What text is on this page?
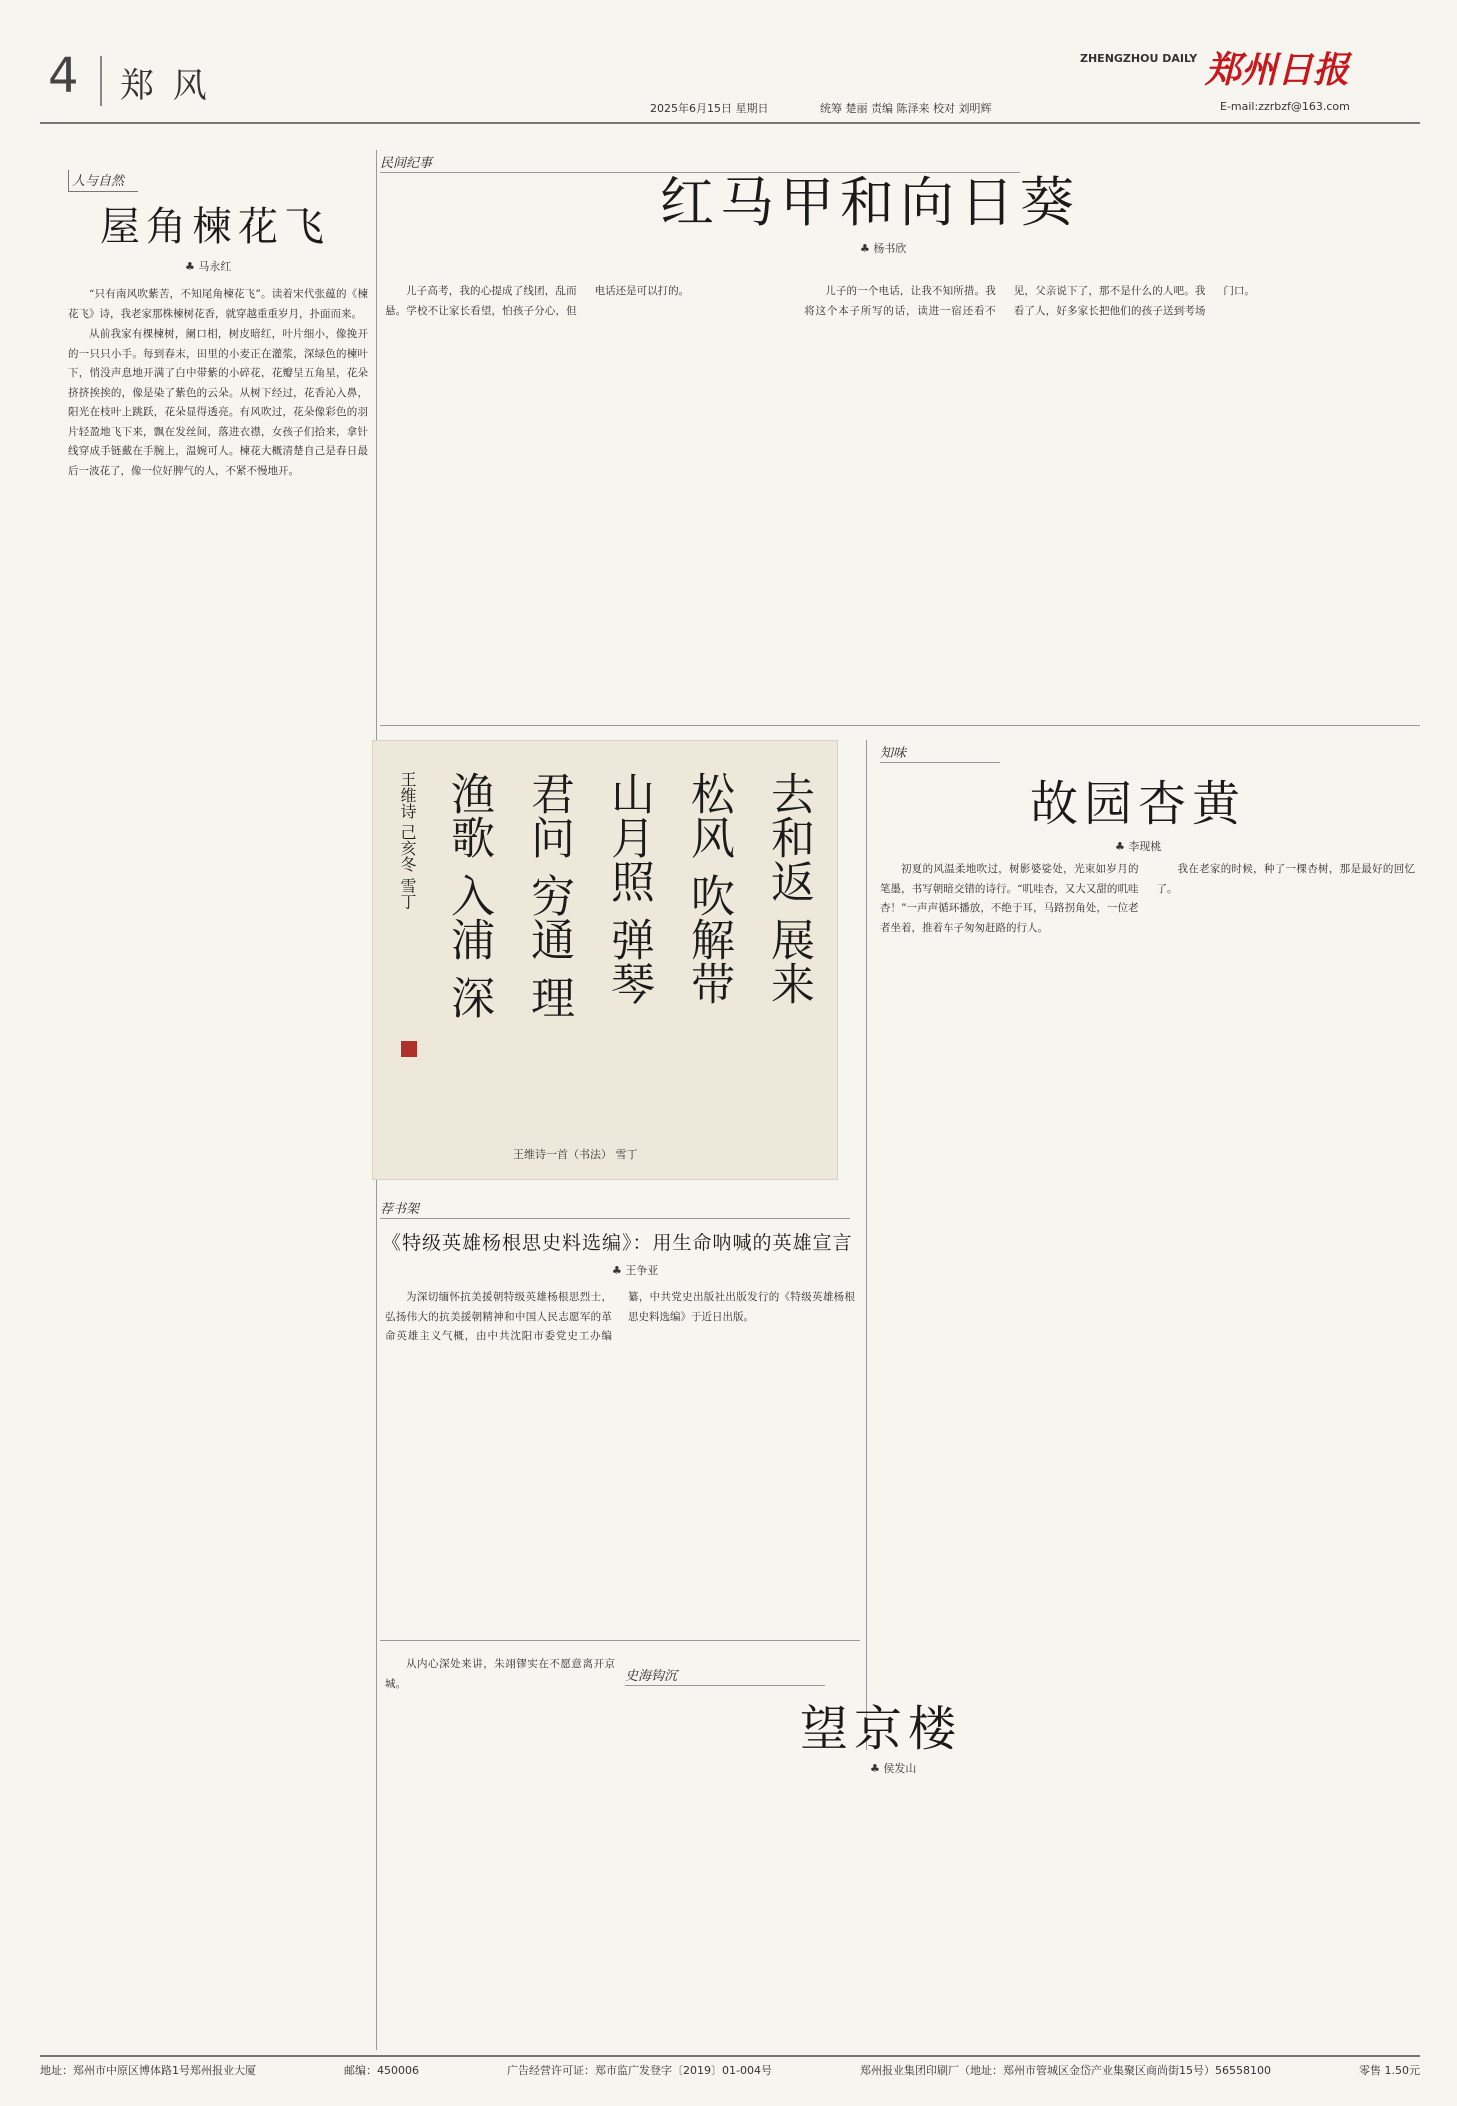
4 郑 风
ZHENGZHOU DAILY 郑州日报
2025年6月15日 星期日	统筹 楚丽 责编 陈泽来 校对 刘明辉	E-mail:zzrbzf@163.com
人与自然
屋角楝花飞
♣ 马永红

“只有南风吹紫苦，不知尾角楝花飞”。读着宋代张蕴的《楝花飞》诗，我老家那株楝树花香，就穿越重重岁月，扑面而来。

从前我家有棵楝树，阑口相，树皮暗红，叶片细小，像挽开的一只只小手。每到春末，田里的小麦正在灌浆，深绿色的楝叶下，悄没声息地开满了白中带紫的小碎花，花瓣呈五角星，花朵挤挤挨挨的，像是染了紫色的云朵。从树下经过，花香沁入鼻，阳光在枝叶上跳跃，花朵显得透亮。有风吹过，花朵像彩色的羽片轻盈地飞下来，飘在发丝间，落进衣襟，女孩子们拾来，拿针线穿成手链戴在手腕上，温婉可人。楝花大概清楚自己是春日最后一波花了，像一位好脾气的人，不紧不慢地开。

民间纪事
红马甲和向日葵
♣ 杨书欣

儿子高考，我的心提成了线团，乱而悬。学校不让家长看望，怕孩子分心，但电话还是可以打的。	儿子的一个电话，让我不知所措。我将这个本子所写的话，读进一宿还看不见，父亲说下了，那不是什么的人吧。我看了人，好多家长把他们的孩子送到考场门口。

去和返 展来
松风 吹解带
山月照 弹琴
君问 穷通 理
渔歌 入浦 深
王维诗 己亥冬 雪丁
王维诗一首（书法） 雪丁
知味
故园杏黄
♣ 李现桃

初夏的风温柔地吹过，树影婆娑处，光束如岁月的笔墨，书写朝暗交错的诗行。“叽哇杏，又大又甜的叽哇杏！”一声声循环播放，不绝于耳，马路拐角处，一位老者坐着，推着车子匆匆赶路的行人。

我在老家的时候，种了一棵杏树，那是最好的回忆了。

荐书架
《特级英雄杨根思史料选编》：用生命呐喊的英雄宣言
♣ 王争亚

为深切缅怀抗美援朝特级英雄杨根思烈士，弘扬伟大的抗美援朝精神和中国人民志愿军的革命英雄主义气概，由中共沈阳市委党史工办编纂，中共党史出版社出版发行的《特级英雄杨根思史料选编》于近日出版。

从内心深处来讲，朱翊镠实在不愿意离开京城。	史海钩沉
望京楼
♣ 侯发山
地址：郑州市中原区博体路1号郑州报业大厦	邮编：450006	广告经营许可证：郑市监广发登字〔2019〕01-004号	郑州报业集团印刷厂（地址：郑州市管城区金岱产业集聚区商尚街15号）56558100	零售 1.50元
